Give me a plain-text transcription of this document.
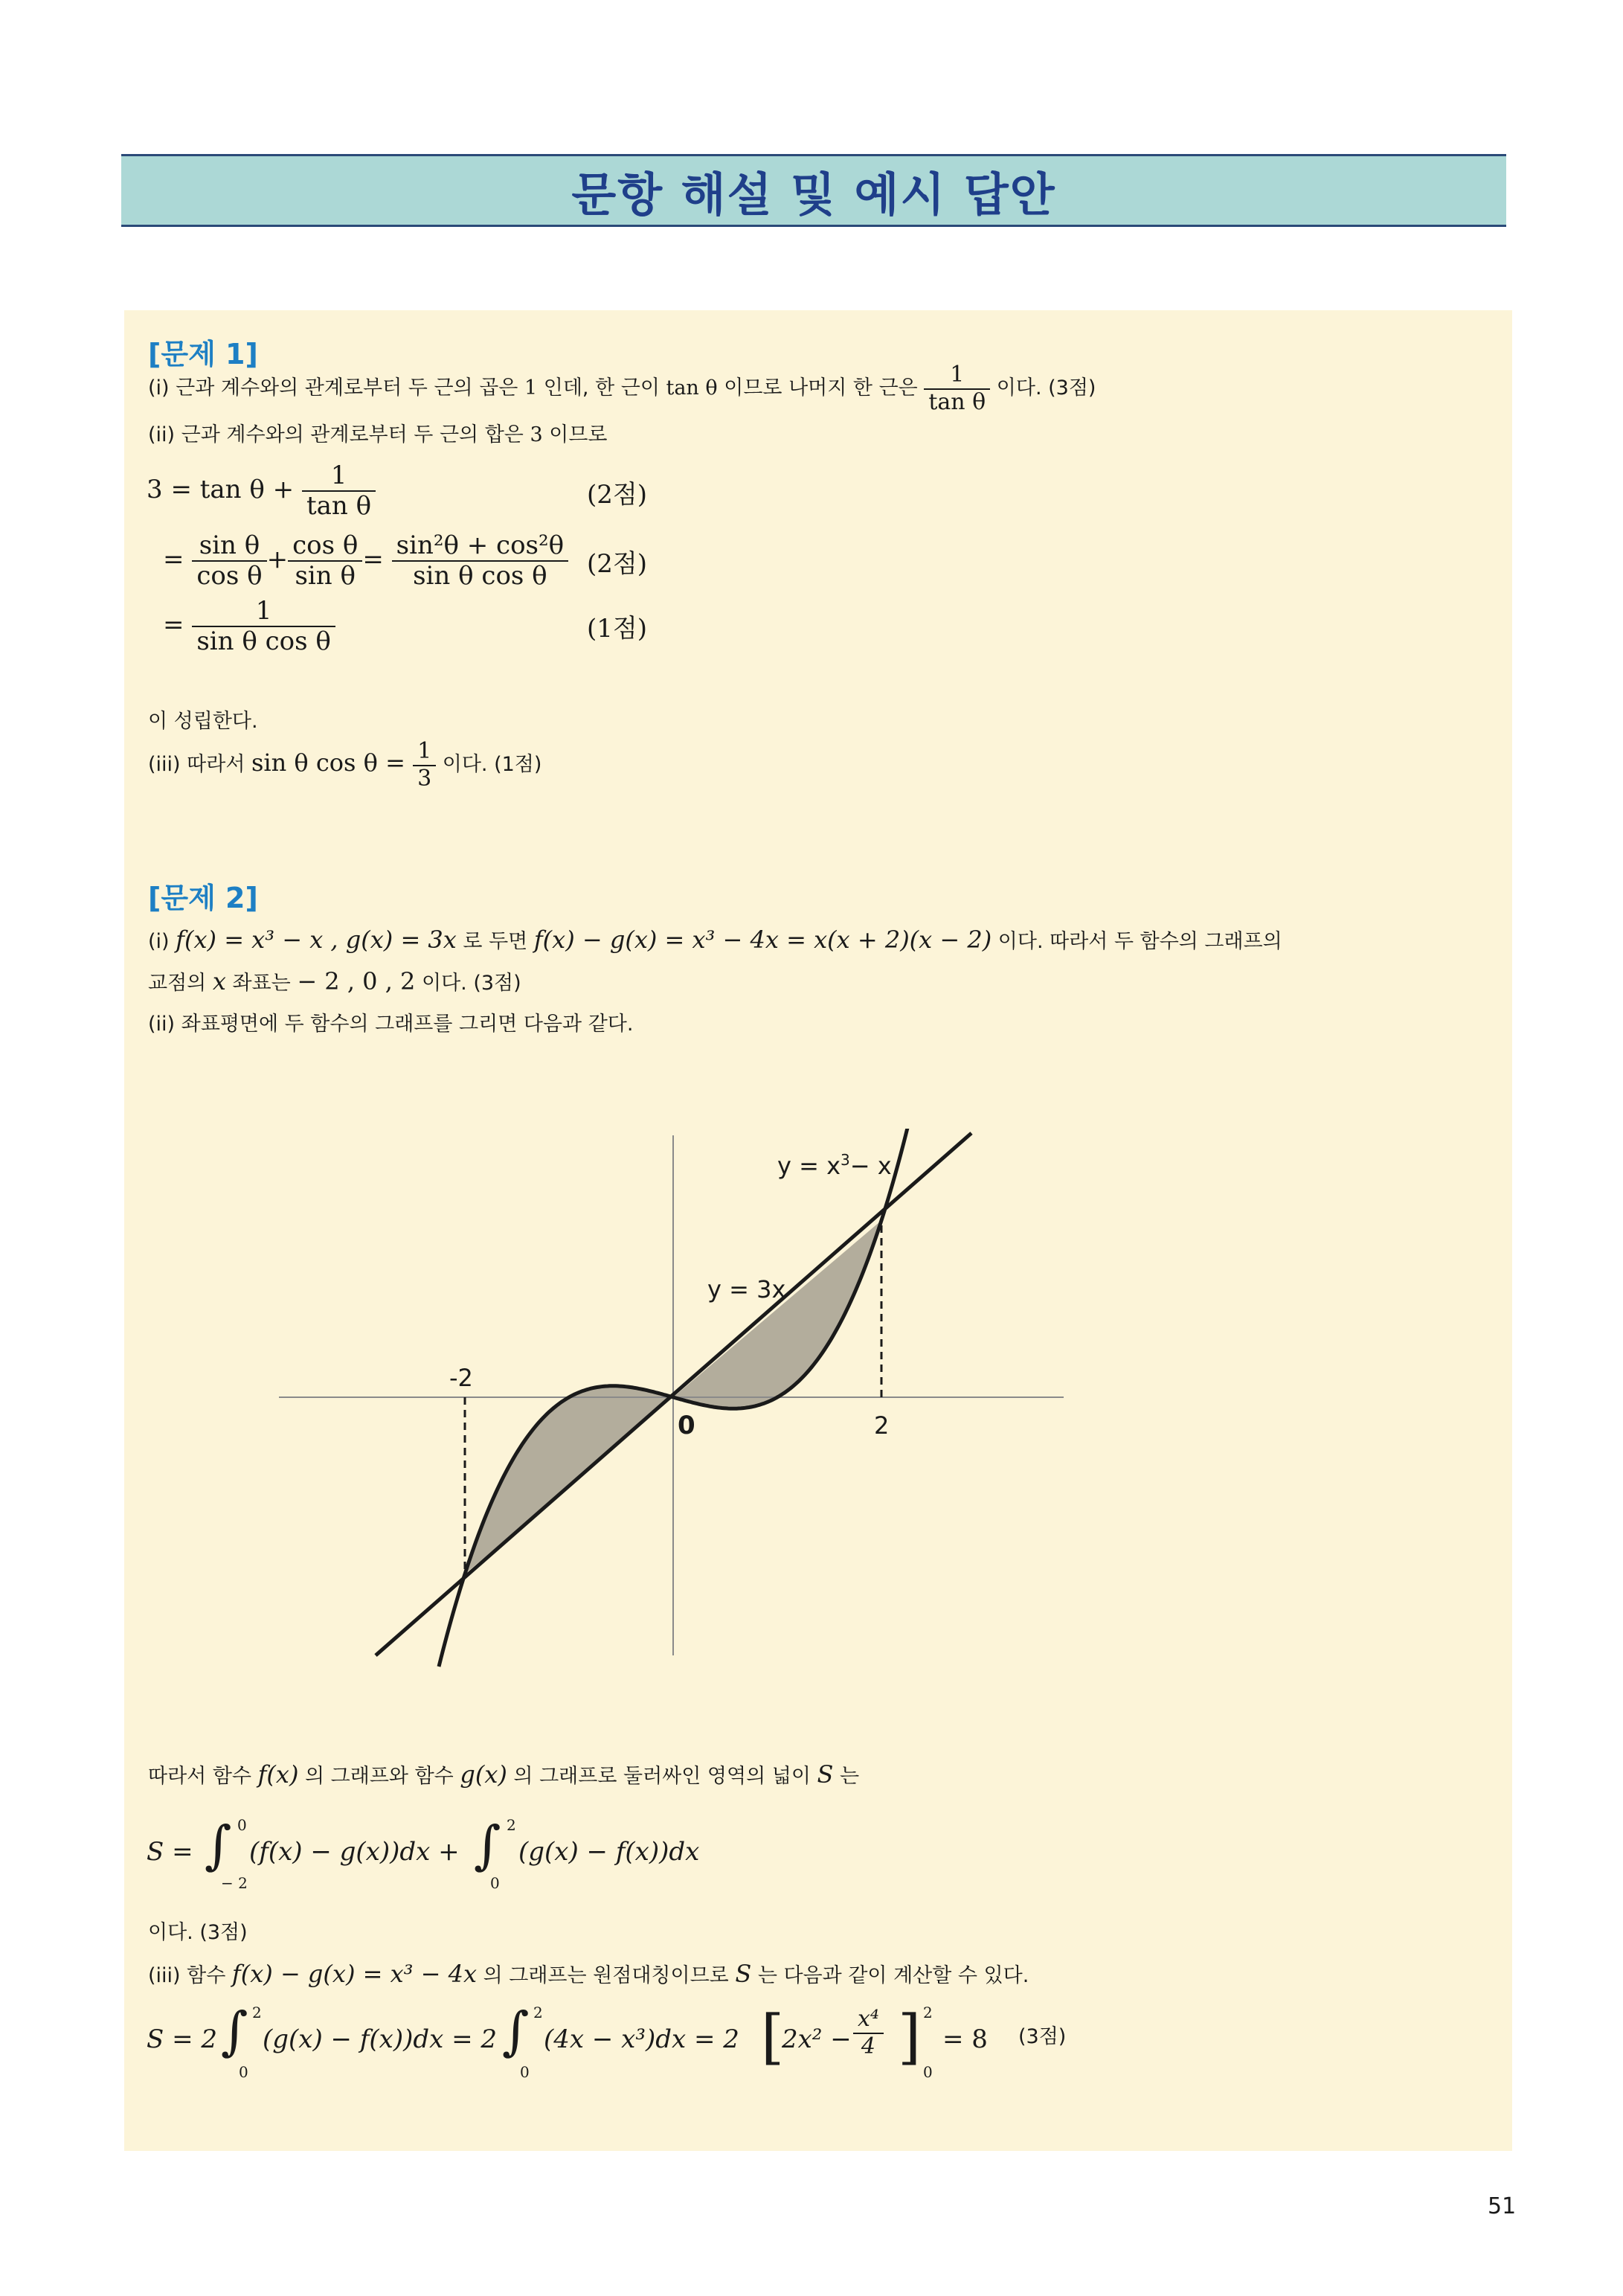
문항 해설 및 예시 답안
[문제 1]
(i) 근과 계수와의 관계로부터 두 근의 곱은 1 인데, 한 근이 tan θ 이므로 나머지 한 근은 $\frac{1}{\text{tan θ}}$ 이다. (3점)
(ii) 근과 계수와의 관계로부터 두 근의 합은 3 이므로
$3 = \tan \theta + \frac{1}{\text{tan θ}}$	(2점)
= $\frac{\text{sin θ}}{\text{cos θ}} + \frac{\text{cos θ}}{\text{sin θ}} = \frac{\text{sin²θ + cos²θ}}{\text{sin θ cos θ}} (2$점)
= $\frac{1}{\text{sin θ cos θ}}$	(1점)
이 성립한다.
(iii) 따라서 sin θ $\cos \theta = \frac{1}{3}$ 이다. (1점)
[문제 2]
(i) f(x) = x³ − x , g(x) = 3x 로 두면 f(x) − g(x) = x³ − 4x = x(x + 2)(x − 2) 이다. 따라서 두 함수의 그래프의
교점의 x 좌표는 − 2 , 0 , 2 이다. (3점)
(ii) 좌표평면에 두 함수의 그래프를 그리면 다음과 같다.
$y = x^3- x$
y = 3x
-2
0	2
따라서 함수 f(x) 의 그래프와 함수 g(x) 의 그래프로 둘러싸인 영역의 넓이 S 는
S = ∫ 0
− 2
(f(x) − g(x))dx + ∫ 2
0
(g(x) − f(x))dx
이다. (3점)
(iii) 함수 f(x) − g(x) = x³ − 4x 의 그래프는 원점대칭이므로 S 는 다음과 같이 계산할 수 있다.
S = 2 ∫ 2
0
(g(x) − f(x))dx = 2 ∫ 2
0
(4x − x³)dx = 2 [
$2x^2 - \frac{\text{x⁴}}{4}$ ] 2
0
= 8 (3점)
51
